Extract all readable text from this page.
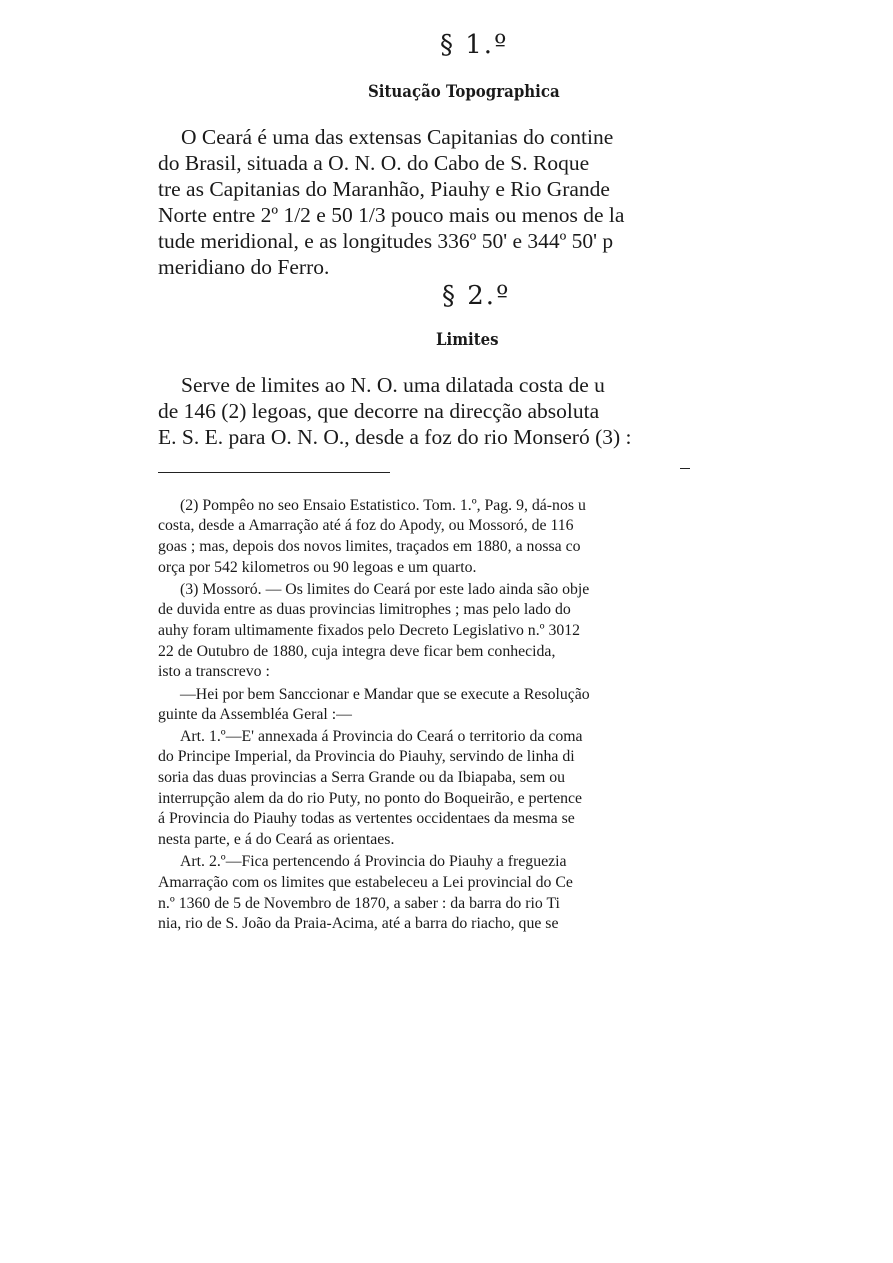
§ 1.º
Situação Topographica
O Ceará é uma das extensas Capitanias do contine
do Brasil, situada a O. N. O. do Cabo de S. Roque
tre as Capitanias do Maranhão, Piauhy e Rio Grande
Norte entre 2º 1/2 e 50 1/3 pouco mais ou menos de la
tude meridional, e as longitudes 336º 50' e 344º 50' p
meridiano do Ferro.
§ 2.º
Limites
Serve de limites ao N. O. uma dilatada costa de u
de 146 (2) legoas, que decorre na direcção absoluta
E. S. E. para O. N. O., desde a foz do rio Monseró (3) :
(2) Pompêo no seo Ensaio Estatistico. Tom. 1.º, Pag. 9, dá-nos u
costa, desde a Amarração até á foz do Apody, ou Mossoró, de 116
goas ; mas, depois dos novos limites, traçados em 1880, a nossa co
orça por 542 kilometros ou 90 legoas e um quarto.
(3) Mossoró. — Os limites do Ceará por este lado ainda são obje
de duvida entre as duas provincias limitrophes ; mas pelo lado do
auhy foram ultimamente fixados pelo Decreto Legislativo n.º 3012
22 de Outubro de 1880, cuja integra deve ficar bem conhecida,
isto a transcrevo :
—Hei por bem Sanccionar e Mandar que se execute a Resolução
guinte da Assembléa Geral :—
Art. 1.º—E' annexada á Provincia do Ceará o territorio da coma
do Principe Imperial, da Provincia do Piauhy, servindo de linha di
soria das duas provincias a Serra Grande ou da Ibiapaba, sem ou
interrupção alem da do rio Puty, no ponto do Boqueirão, e pertence
á Provincia do Piauhy todas as vertentes occidentaes da mesma se
nesta parte, e á do Ceará as orientaes.
Art. 2.º—Fica pertencendo á Provincia do Piauhy a freguezia
Amarração com os limites que estabeleceu a Lei provincial do Ce
n.º 1360 de 5 de Novembro de 1870, a saber : da barra do rio Ti
nia, rio de S. João da Praia-Acima, até a barra do riacho, que se
